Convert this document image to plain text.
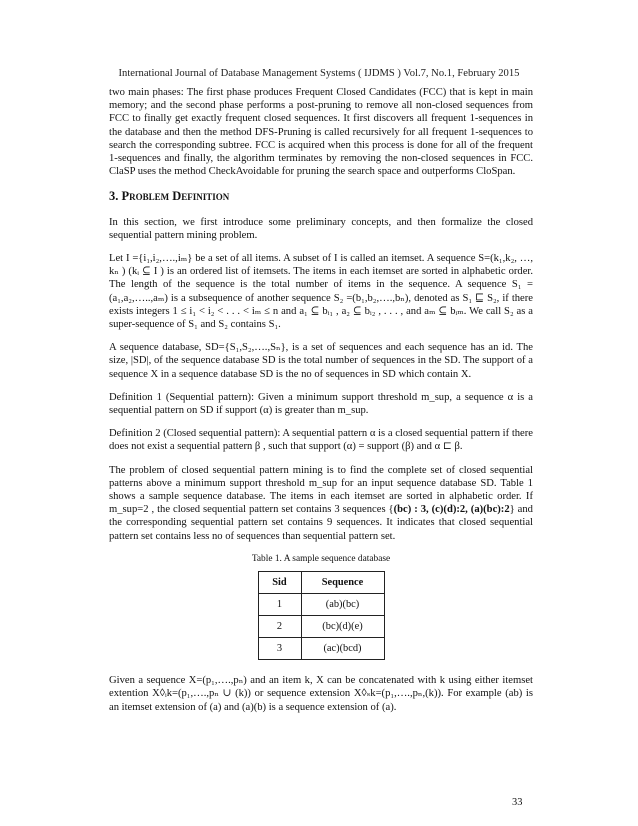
International Journal of Database Management Systems ( IJDMS ) Vol.7, No.1, February 2015

two main phases: The first phase produces Frequent Closed Candidates (FCC) that is kept in main memory; and the second phase performs a post-pruning to remove all non-closed sequences from FCC to finally get exactly frequent closed sequences. It first discovers all frequent 1-sequences in the database and then the method DFS-Pruning is called recursively for all frequent 1-sequences to search the corresponding subtree. FCC is acquired when this process is done for all of the frequent 1-sequences and finally, the algorithm terminates by removing the non-closed sequences in FCC. ClaSP uses the method CheckAvoidable for pruning the search space and outperforms CloSpan.

3. Problem Definition

In this section, we first introduce some preliminary concepts, and then formalize the closed sequential pattern mining problem.

Let I ={i₁,i₂,….,iₘ} be a set of all items. A subset of I is called an itemset. A sequence S=(k₁,k₂, …, kₙ ) (kᵢ ⊆ I ) is an ordered list of itemsets. The items in each itemset are sorted in alphabetic order. The length of the sequence is the total number of items in the sequence. A sequence S₁ =(a₁,a₂,…..,aₘ) is a subsequence of another sequence S₂ =(b₁,b₂,….,bₙ), denoted as S₁ ⊑ S₂, if there exists integers 1 ≤ i₁ < i₂ < . . . < iₘ ≤ n and a₁ ⊆ bᵢ₁ , a₂ ⊆ bᵢ₂ , . . . , and aₘ ⊆ bᵢₘ. We call S₂ as a super-sequence of S₁ and S₂ contains S₁.

A sequence database, SD={S₁,S₂,….,Sₙ}, is a set of sequences and each sequence has an id. The size, |SD|, of the sequence database SD is the total number of sequences in the SD. The support of a sequence X in a sequence database SD is the no of sequences in SD which contain X.

Definition 1 (Sequential pattern): Given a minimum support threshold m_sup, a sequence α is a sequential pattern on SD if support (α) is greater than m_sup.

Definition 2 (Closed sequential pattern): A sequential pattern α is a closed sequential pattern if there does not exist a sequential pattern β , such that support (α) = support (β) and α ⊏ β.

The problem of closed sequential pattern mining is to find the complete set of closed sequential patterns above a minimum support threshold m_sup for an input sequence database SD. Table 1 shows a sample sequence database. The items in each itemset are sorted in alphabetic order. If m_sup=2 , the closed sequential pattern set contains 3 sequences {(bc) : 3, (c)(d):2, (a)(bc):2} and the corresponding sequential pattern set contains 9 sequences. It indicates that closed sequential pattern set contains less no of sequences than sequential pattern set.

Table 1. A sample sequence database
Sid	Sequence
1	(ab)(bc)
2	(bc)(d)(e)
3	(ac)(bcd)

Given a sequence X=(p₁,….,pₙ) and an item k, X can be concatenated with k using either itemset extention X◊ᵢk=(p₁,….,pₙ ∪ (k)) or sequence extension X◊ₛk=(p₁,….,pₙ,(k)). For example (ab) is an itemset extension of (a) and (a)(b) is a sequence extension of (a).

33
